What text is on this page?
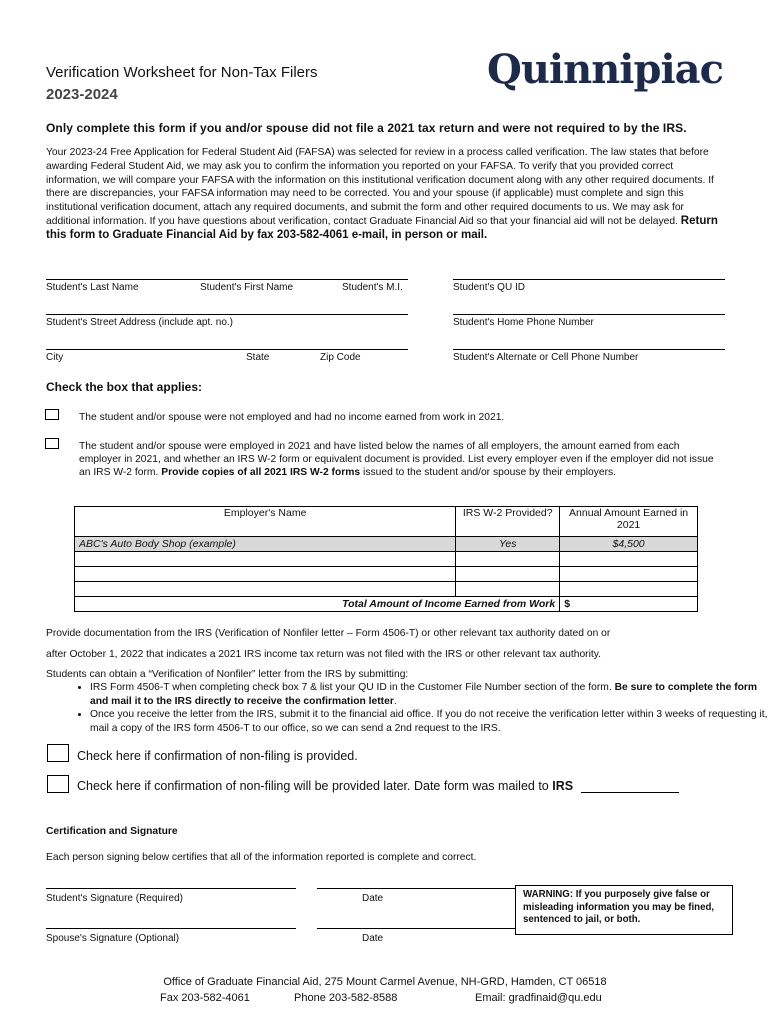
Verification Worksheet for Non-Tax Filers
2023-2024
Quinnipiac
Only complete this form if you and/or spouse did not file a 2021 tax return and were not required to by the IRS.
Your 2023-24 Free Application for Federal Student Aid (FAFSA) was selected for review in a process called verification. The law states that before awarding Federal Student Aid, we may ask you to confirm the information you reported on your FAFSA. To verify that you provided correct information, we will compare your FAFSA with the information on this institutional verification document along with any other required documents. If there are discrepancies, your FAFSA information may need to be corrected. You and your spouse (if applicable) must complete and sign this institutional verification document, attach any required documents, and submit the form and other required documents to us. We may ask for additional information. If you have questions about verification, contact Graduate Financial Aid so that your financial aid will not be delayed. Return this form to Graduate Financial Aid by fax 203-582-4061 e-mail, in person or mail.
Student's Last Name	Student's First Name	Student's M.I.	Student's QU ID
Student's Street Address (include apt. no.)	Student's Home Phone Number
City	State	Zip Code	Student's Alternate or Cell Phone Number
Check the box that applies:
The student and/or spouse were not employed and had no income earned from work in 2021.
The student and/or spouse were employed in 2021 and have listed below the names of all employers, the amount earned from each employer in 2021, and whether an IRS W-2 form or equivalent document is provided. List every employer even if the employer did not issue an IRS W-2 form. Provide copies of all 2021 IRS W-2 forms issued to the student and/or spouse by their employers.
Employer's Name	IRS W-2 Provided?	Annual Amount Earned in 2021
ABC's Auto Body Shop (example)	Yes	$4,500

Total Amount of Income Earned from Work		$
Provide documentation from the IRS (Verification of Nonfiler letter – Form 4506-T) or other relevant tax authority dated on or
after October 1, 2022 that indicates a 2021 IRS income tax return was not filed with the IRS or other relevant tax authority.
Students can obtain a “Verification of Nonfiler” letter from the IRS by submitting:
• IRS Form 4506-T when completing check box 7 & list your QU ID in the Customer File Number section of the form. Be sure to complete the form and mail it to the IRS directly to receive the confirmation letter.
• Once you receive the letter from the IRS, submit it to the financial aid office. If you do not receive the verification letter within 3 weeks of requesting it, mail a copy of the IRS form 4506-T to our office, so we can send a 2nd request to the IRS.
Check here if confirmation of non-filing is provided.
Check here if confirmation of non-filing will be provided later. Date form was mailed to IRS
Certification and Signature
Each person signing below certifies that all of the information reported is complete and correct.
Student's Signature (Required)	Date
Spouse's Signature (Optional)	Date
WARNING: If you purposely give false or misleading information you may be fined, sentenced to jail, or both.
Office of Graduate Financial Aid, 275 Mount Carmel Avenue, NH-GRD, Hamden, CT 06518
Fax 203-582-4061	Phone 203-582-8588	Email: gradfinaid@qu.edu
